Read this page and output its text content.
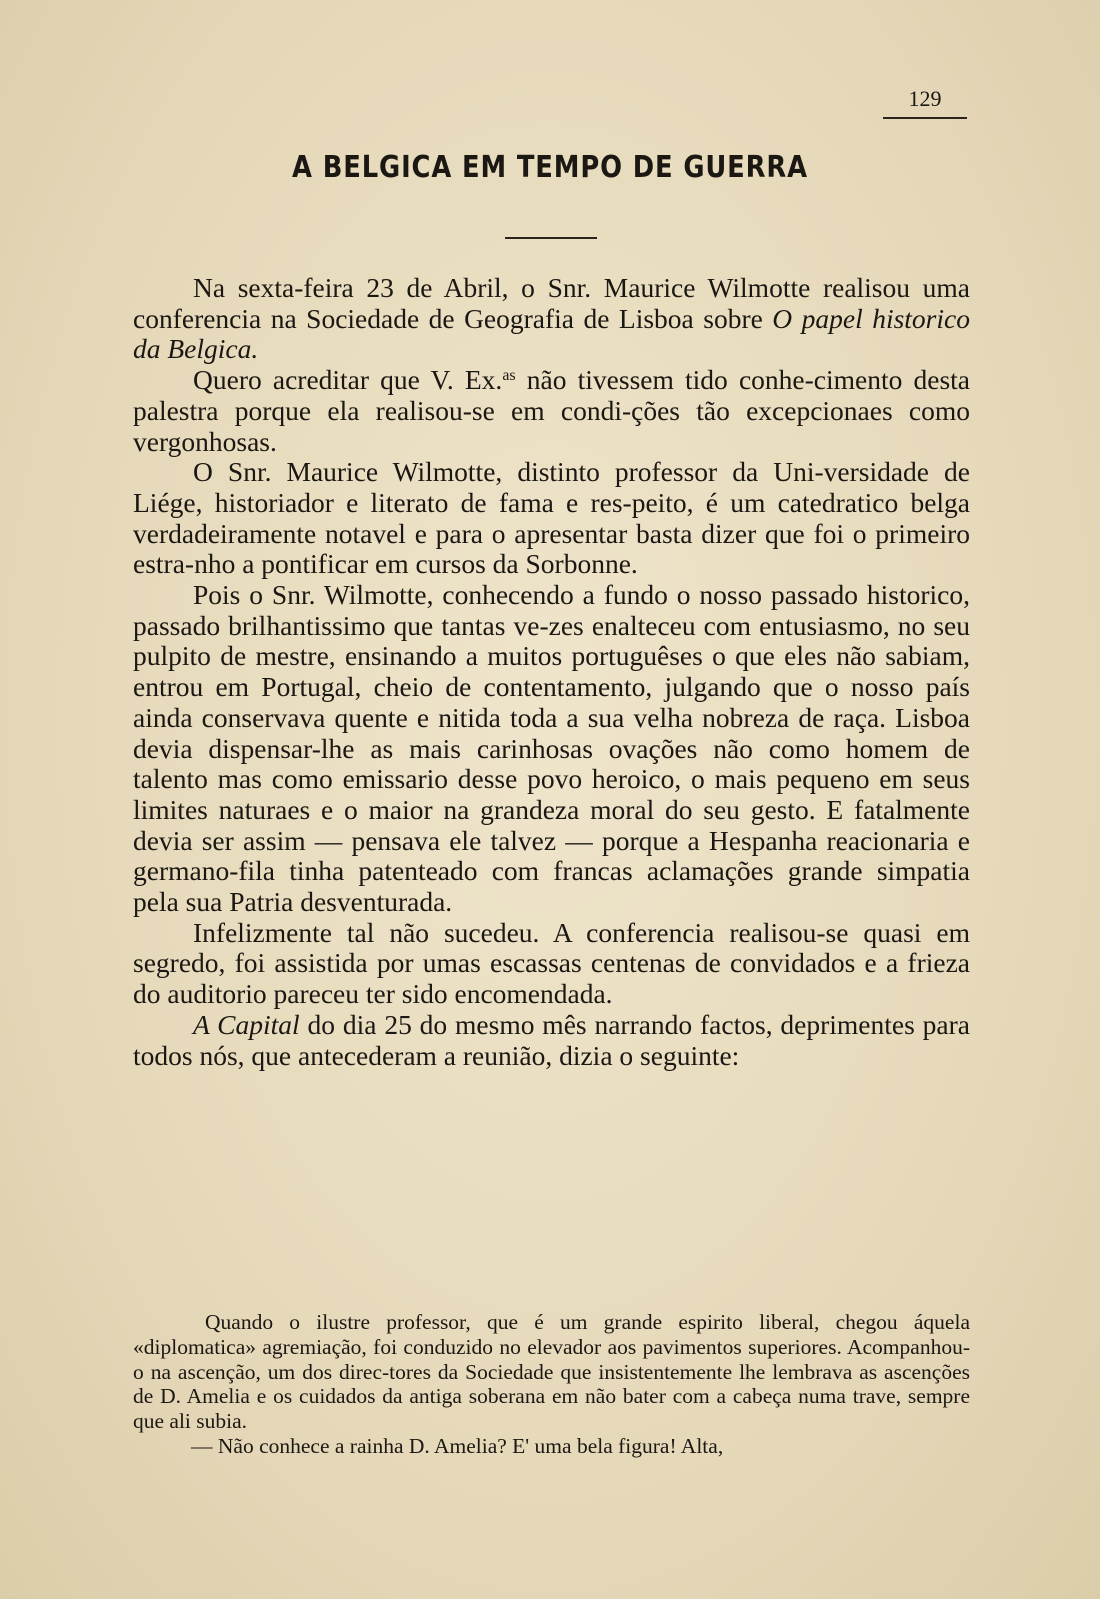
129
A BELGICA EM TEMPO DE GUERRA

Na sexta-feira 23 de Abril, o Snr. Maurice Wilmotte realisou uma conferencia na Sociedade de Geografia de Lisboa sobre O papel historico da Belgica.

Quero acreditar que V. Ex.$^{as}$ não tivessem tido conhe-cimento desta palestra porque ela realisou-se em condi-ções tão excepcionaes como vergonhosas.

O Snr. Maurice Wilmotte, distinto professor da Uni-versidade de Liége, historiador e literato de fama e res-peito, é um catedratico belga verdadeiramente notavel e para o apresentar basta dizer que foi o primeiro estra-nho a pontificar em cursos da Sorbonne.

Pois o Snr. Wilmotte, conhecendo a fundo o nosso passado historico, passado brilhantissimo que tantas ve-zes enalteceu com entusiasmo, no seu pulpito de mestre, ensinando a muitos portuguêses o que eles não sabiam, entrou em Portugal, cheio de contentamento, julgando que o nosso país ainda conservava quente e nitida toda a sua velha nobreza de raça. Lisboa devia dispensar-lhe as mais carinhosas ovações não como homem de talento mas como emissario desse povo heroico, o mais pequeno em seus limites naturaes e o maior na grandeza moral do seu gesto. E fatalmente devia ser assim — pensava ele talvez — porque a Hespanha reacionaria e germano-fila tinha patenteado com francas aclamações grande simpatia pela sua Patria desventurada.

Infelizmente tal não sucedeu. A conferencia realisou-se quasi em segredo, foi assistida por umas escassas centenas de convidados e a frieza do auditorio pareceu ter sido encomendada.

A Capital do dia 25 do mesmo mês narrando factos, deprimentes para todos nós, que antecederam a reunião, dizia o seguinte:

Quando o ilustre professor, que é um grande espirito liberal, chegou áquela «diplomatica» agremiação, foi conduzido no elevador aos pavimentos superiores. Acompanhou-o na ascenção, um dos direc-tores da Sociedade que insistentemente lhe lembrava as ascenções de D. Amelia e os cuidados da antiga soberana em não bater com a cabeça numa trave, sempre que ali subia.

— Não conhece a rainha D. Amelia? E' uma bela figura! Alta,
